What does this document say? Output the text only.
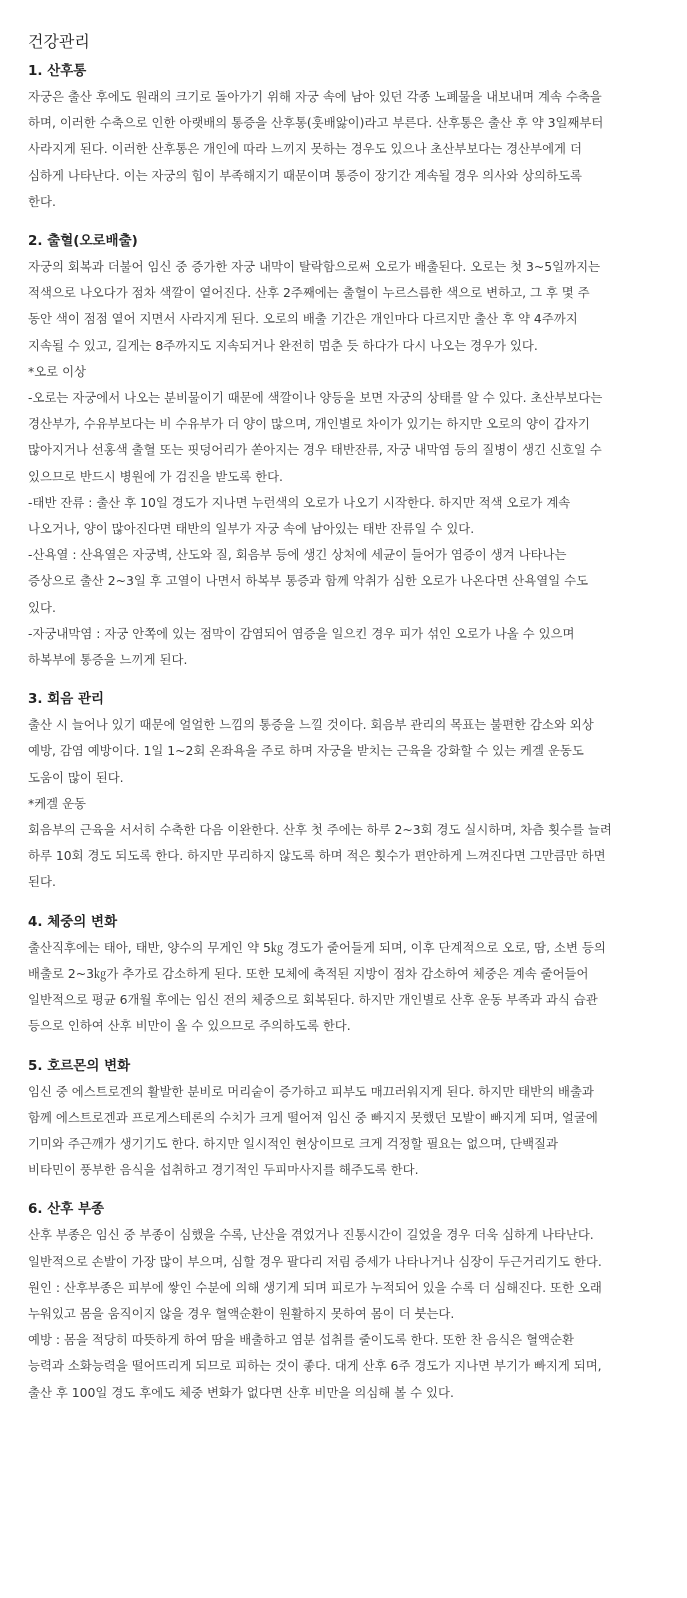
건강관리
1. 산후통
자궁은 출산 후에도 원래의 크기로 돌아가기 위해 자궁 속에 남아 있던 각종 노폐물을 내보내며 계속 수축을
하며, 이러한 수축으로 인한 아랫배의 통증을 산후통(훗배앓이)라고 부른다. 산후통은 출산 후 약 3일째부터
사라지게 된다. 이러한 산후통은 개인에 따라 느끼지 못하는 경우도 있으나 초산부보다는 경산부에게 더
심하게 나타난다. 이는 자궁의 힘이 부족해지기 때문이며 통증이 장기간 계속될 경우 의사와 상의하도록
한다.
2. 출혈(오로배출)
자궁의 회복과 더불어 임신 중 증가한 자궁 내막이 탈락함으로써 오로가 배출된다. 오로는 첫 3~5일까지는
적색으로 나오다가 점차 색깔이 옅어진다. 산후 2주째에는 출혈이 누르스름한 색으로 변하고, 그 후 몇 주
동안 색이 점점 옅어 지면서 사라지게 된다. 오로의 배출 기간은 개인마다 다르지만 출산 후 약 4주까지
지속될 수 있고, 길게는 8주까지도 지속되거나 완전히 멈춘 듯 하다가 다시 나오는 경우가 있다.
*오로 이상
-오로는 자궁에서 나오는 분비물이기 때문에 색깔이나 양등을 보면 자궁의 상태를 알 수 있다. 초산부보다는
경산부가, 수유부보다는 비 수유부가 더 양이 많으며, 개인별로 차이가 있기는 하지만 오로의 양이 갑자기
많아지거나 선홍색 출혈 또는 핏덩어리가 쏟아지는 경우 태반잔류, 자궁 내막염 등의 질병이 생긴 신호일 수
있으므로 반드시 병원에 가 검진을 받도록 한다.
-태반 잔류 : 출산 후 10일 경도가 지나면 누런색의 오로가 나오기 시작한다. 하지만 적색 오로가 계속
나오거나, 양이 많아진다면 태반의 일부가 자궁 속에 남아있는 태반 잔류일 수 있다.
-산욕열 : 산욕열은 자궁벽, 산도와 질, 회음부 등에 생긴 상처에 세균이 들어가 염증이 생겨 나타나는
증상으로 출산 2~3일 후 고열이 나면서 하복부 통증과 함께 악취가 심한 오로가 나온다면 산욕열일 수도
있다.
-자궁내막염 : 자궁 안쪽에 있는 점막이 감염되어 염증을 일으킨 경우 피가 섞인 오로가 나올 수 있으며
하복부에 통증을 느끼게 된다.
3. 회음 관리
출산 시 늘어나 있기 때문에 얼얼한 느낌의 통증을 느낄 것이다. 회음부 관리의 목표는 불편한 감소와 외상
예방, 감염 예방이다. 1일 1~2회 온좌욕을 주로 하며 자궁을 받치는 근육을 강화할 수 있는 케겔 운동도
도움이 많이 된다.
*케겔 운동
회음부의 근육을 서서히 수축한 다음 이완한다. 산후 첫 주에는 하루 2~3회 경도 실시하며, 차츰 횟수를 늘려
하루 10회 경도 되도록 한다. 하지만 무리하지 않도록 하며 적은 횟수가 편안하게 느껴진다면 그만큼만 하면
된다.
4. 체중의 변화
출산직후에는 태아, 태반, 양수의 무게인 약 5㎏ 경도가 줄어들게 되며, 이후 단계적으로 오로, 땀, 소변 등의
배출로 2~3㎏가 추가로 감소하게 된다. 또한 모체에 축적된 지방이 점차 감소하여 체중은 계속 줄어들어
일반적으로 평균 6개월 후에는 임신 전의 체중으로 회복된다. 하지만 개인별로 산후 운동 부족과 과식 습관
등으로 인하여 산후 비만이 올 수 있으므로 주의하도록 한다.
5. 호르몬의 변화
임신 중 에스트로겐의 활발한 분비로 머리숱이 증가하고 피부도 매끄러워지게 된다. 하지만 태반의 배출과
함께 에스트로겐과 프로게스테론의 수치가 크게 떨어져 임신 중 빠지지 못했던 모발이 빠지게 되며, 얼굴에
기미와 주근깨가 생기기도 한다. 하지만 일시적인 현상이므로 크게 걱정할 필요는 없으며, 단백질과
비타민이 풍부한 음식을 섭취하고 경기적인 두피마사지를 해주도록 한다.
6. 산후 부종
산후 부종은 임신 중 부종이 심했을 수록, 난산을 겪었거나 진통시간이 길었을 경우 더욱 심하게 나타난다.
일반적으로 손발이 가장 많이 부으며, 심할 경우 팔다리 저림 증세가 나타나거나 심장이 두근거리기도 한다.
원인 : 산후부종은 피부에 쌓인 수분에 의해 생기게 되며 피로가 누적되어 있을 수록 더 심해진다. 또한 오래
누워있고 몸을 움직이지 않을 경우 혈액순환이 원활하지 못하여 몸이 더 붓는다.
예방 : 몸을 적당히 따뜻하게 하여 땀을 배출하고 염분 섭취를 줄이도록 한다. 또한 찬 음식은 혈액순환
능력과 소화능력을 떨어뜨리게 되므로 피하는 것이 좋다. 대게 산후 6주 경도가 지나면 부기가 빠지게 되며,
출산 후 100일 경도 후에도 체중 변화가 없다면 산후 비만을 의심해 볼 수 있다.
